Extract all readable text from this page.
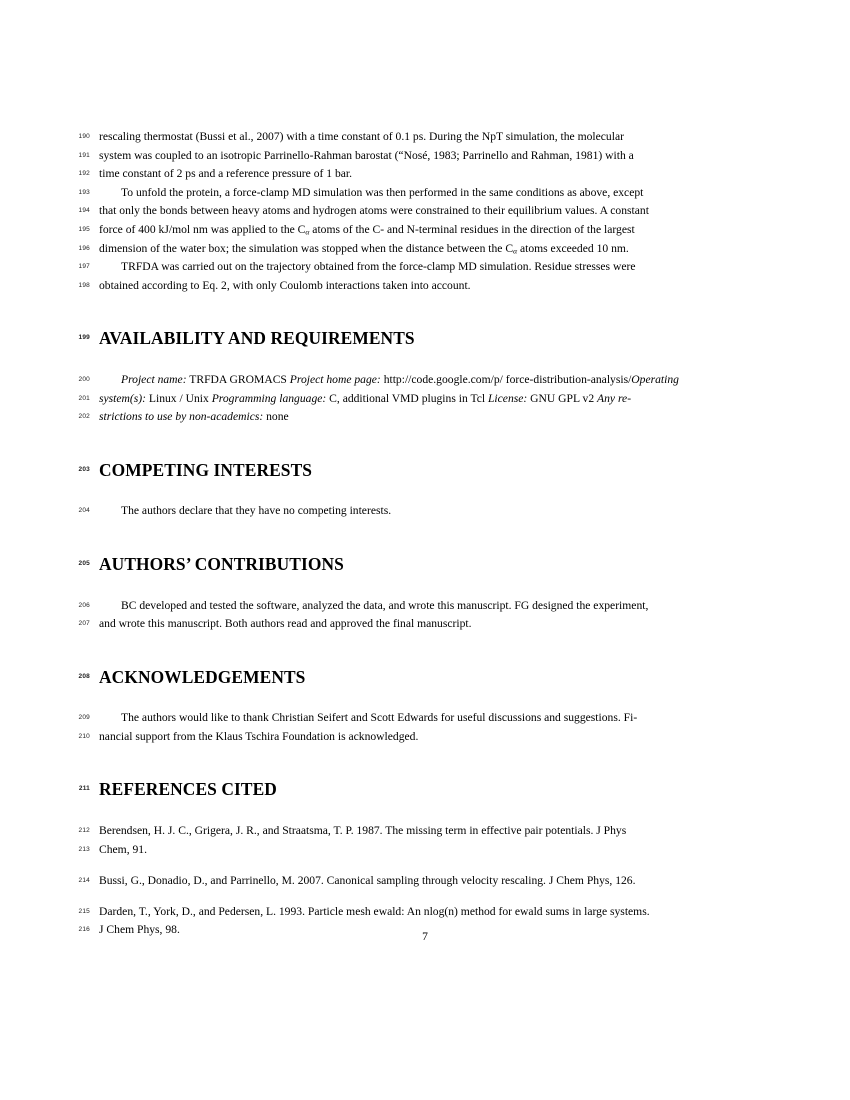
190 rescaling thermostat (Bussi et al., 2007) with a time constant of 0.1 ps. During the NpT simulation, the molecular
191 system was coupled to an isotropic Parrinello-Rahman barostat (“Nosé, 1983; Parrinello and Rahman, 1981) with a
192 time constant of 2 ps and a reference pressure of 1 bar.
193	To unfold the protein, a force-clamp MD simulation was then performed in the same conditions as above, except
194 that only the bonds between heavy atoms and hydrogen atoms were constrained to their equilibrium values. A constant
195 force of 400 kJ/mol nm was applied to the $C_\alpha$ atoms of the C- and N-terminal residues in the direction of the largest
196 dimension of the water box; the simulation was stopped when the distance between the $C_\alpha$ atoms exceeded 10 nm.
197	TRFDA was carried out on the trajectory obtained from the force-clamp MD simulation. Residue stresses were
198 obtained according to Eq. 2, with only Coulomb interactions taken into account.
199 AVAILABILITY AND REQUIREMENTS
200	Project name: TRFDA GROMACS Project home page: http://code.google.com/p/ force-distribution-analysis/Operating
201 system(s): Linux / Unix Programming language: C, additional VMD plugins in Tcl License: GNU GPL v2 Any re-
202 strictions to use by non-academics: none
203 COMPETING INTERESTS
204	The authors declare that they have no competing interests.
205 AUTHORS’ CONTRIBUTIONS
206	BC developed and tested the software, analyzed the data, and wrote this manuscript. FG designed the experiment,
207 and wrote this manuscript. Both authors read and approved the final manuscript.
208 ACKNOWLEDGEMENTS
209	The authors would like to thank Christian Seifert and Scott Edwards for useful discussions and suggestions. Fi-
210 nancial support from the Klaus Tschira Foundation is acknowledged.
211 REFERENCES CITED
212 Berendsen, H. J. C., Grigera, J. R., and Straatsma, T. P. 1987. The missing term in effective pair potentials. J Phys
213 Chem, 91.
214 Bussi, G., Donadio, D., and Parrinello, M. 2007. Canonical sampling through velocity rescaling. J Chem Phys, 126.
215 Darden, T., York, D., and Pedersen, L. 1993. Particle mesh ewald: An nlog(n) method for ewald sums in large systems.
216 J Chem Phys, 98.
7
